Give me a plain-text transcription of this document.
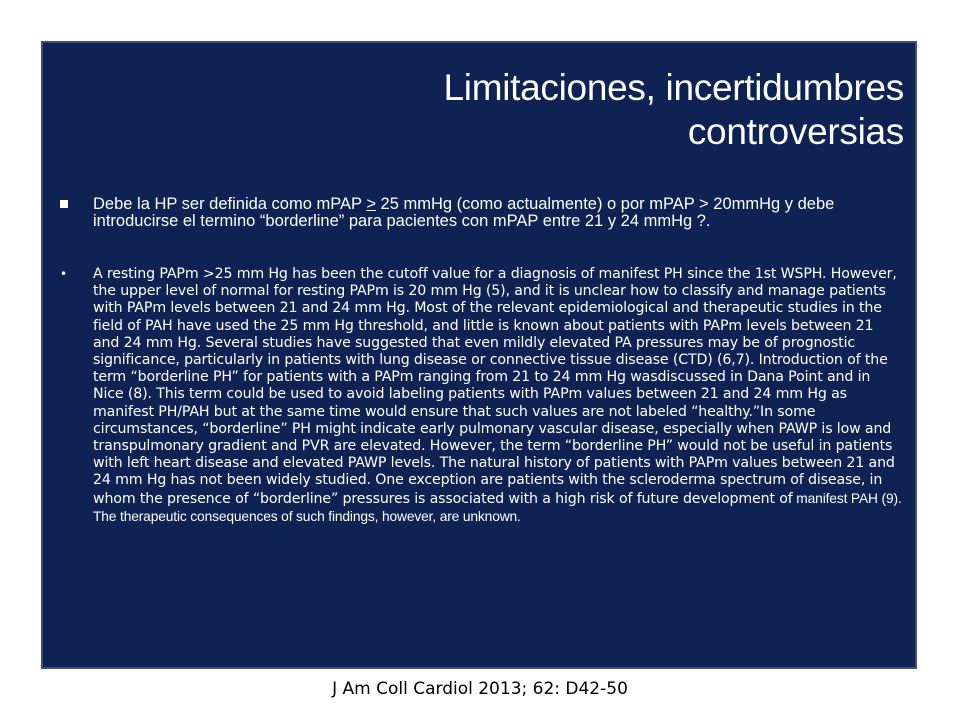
Limitaciones, incertidumbres
controversias
Debe la HP ser definida como mPAP ≥ 25 mmHg (como actualmente) o por mPAP > 20mmHg y debe introducirse el termino “borderline” para pacientes con mPAP entre 21 y 24 mmHg ?.
•	A resting PAPm >25 mm Hg has been the cutoff value for a diagnosis of manifest PH since the 1st WSPH. However, the upper level of normal for resting PAPm is 20 mm Hg (5), and it is unclear how to classify and manage patients with PAPm levels between 21 and 24 mm Hg. Most of the relevant epidemiological and therapeutic studies in the field of PAH have used the 25 mm Hg threshold, and little is known about patients with PAPm levels between 21 and 24 mm Hg. Several studies have suggested that even mildly elevated PA pressures may be of prognostic significance, particularly in patients with lung disease or connective tissue disease (CTD) (6,7). Introduction of the term “borderline PH” for patients with a PAPm ranging from 21 to 24 mm Hg wasdiscussed in Dana Point and in Nice (8). This term could be used to avoid labeling patients with PAPm values between 21 and 24 mm Hg as manifest PH/PAH but at the same time would ensure that such values are not labeled “healthy.”In some circumstances, “borderline” PH might indicate early pulmonary vascular disease, especially when PAWP is low and transpulmonary gradient and PVR are elevated. However, the term “borderline PH” would not be useful in patients with left heart disease and elevated PAWP levels. The natural history of patients with PAPm values between 21 and 24 mm Hg has not been widely studied. One exception are patients with the scleroderma spectrum of disease, in whom the presence of “borderline” pressures is associated with a high risk of future development of manifest PAH (9). The therapeutic consequences of such findings, however, are unknown.
J Am Coll Cardiol 2013; 62: D42-50
